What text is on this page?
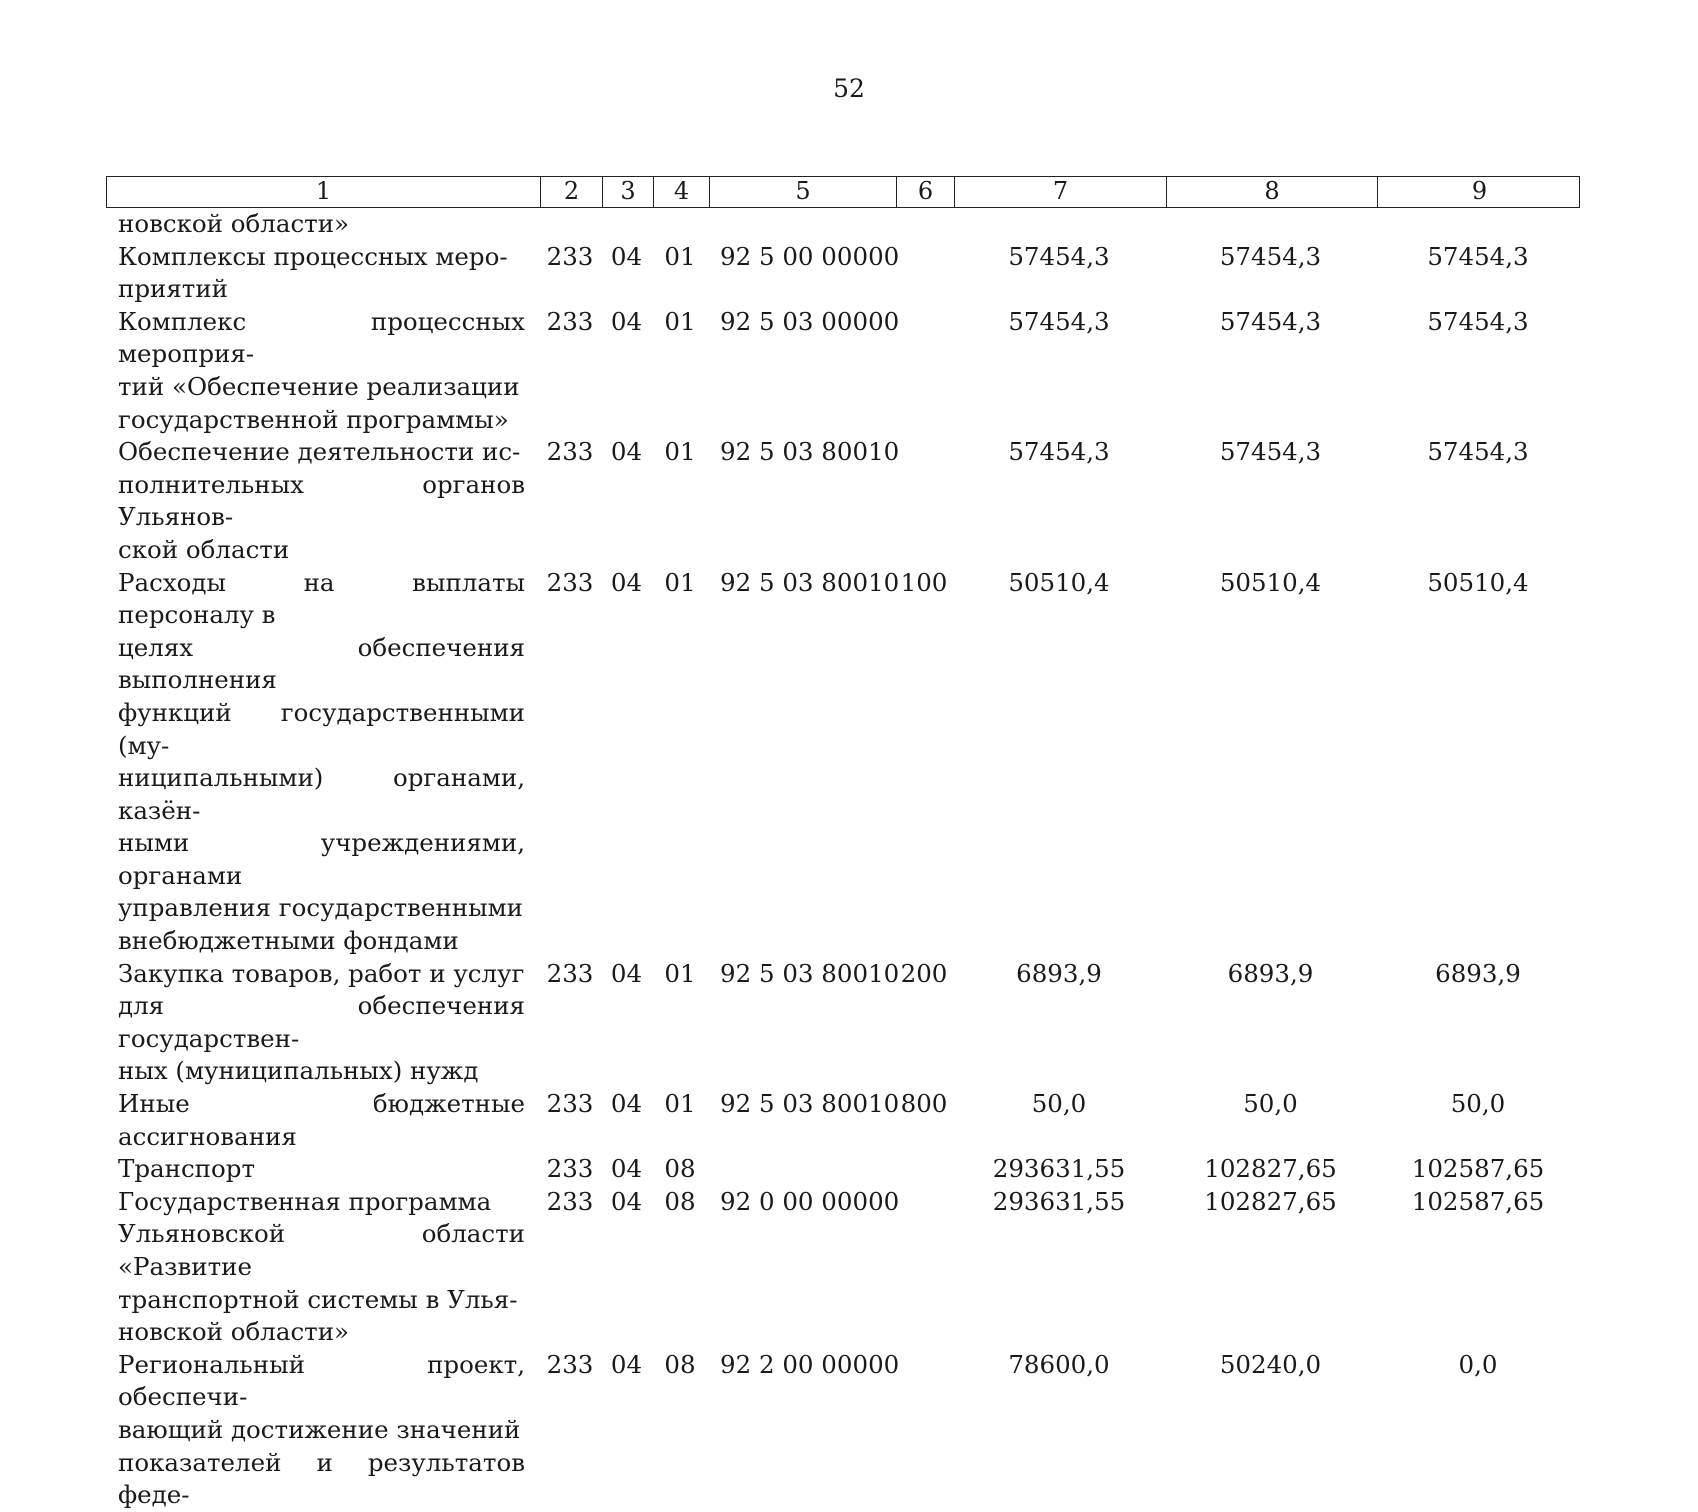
52
1	2	3	4	5	6	7	8	9
новской области»
Комплексы процессных меро-
приятий
233 04 01 92 5 00 00000	57454,3	57454,3	57454,3
Комплекс процессных мероприя-
тий «Обеспечение реализации
государственной программы»
233 04 01 92 5 03 00000	57454,3	57454,3	57454,3
Обеспечение деятельности ис-
полнительных органов Ульянов-
ской области
233 04 01 92 5 03 80010	57454,3	57454,3	57454,3
Расходы на выплаты персоналу в
целях обеспечения выполнения
функций государственными (му-
ниципальными) органами, казён-
ными учреждениями, органами
управления государственными
внебюджетными фондами
233 04 01 92 5 03 80010 100	50510,4	50510,4	50510,4
Закупка товаров, работ и услуг
для обеспечения государствен-
ных (муниципальных) нужд
233 04 01 92 5 03 80010 200	6893,9	6893,9	6893,9
Иные бюджетные ассигнования
233 04 01 92 5 03 80010 800	50,0	50,0	50,0
Транспорт	233 04 08	293631,55	102827,65	102587,65
Государственная программа
Ульяновской области «Развитие
транспортной системы в Улья-
новской области»
233 04 08 92 0 00 00000	293631,55	102827,65	102587,65
Региональный проект, обеспечи-
вающий достижение значений
показателей и результатов феде-
233 04 08 92 2 00 00000	78600,0	50240,0	0,0
